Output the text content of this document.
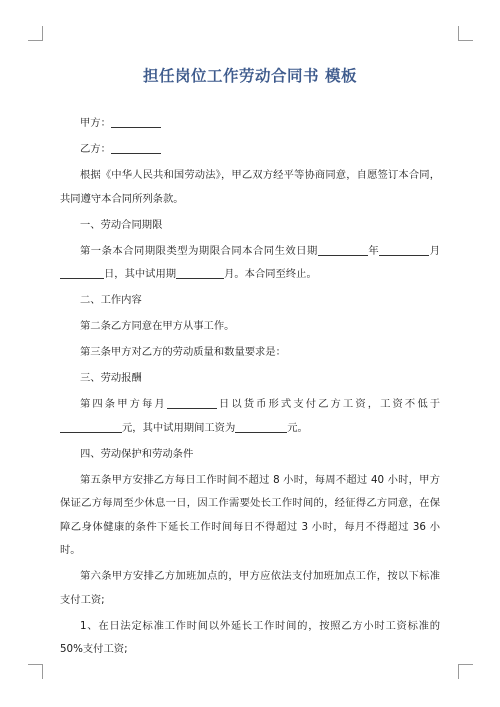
担任岗位工作劳动合同书 模板

甲方：

乙方：

根据《中华人民共和国劳动法》，甲乙双方经平等协商同意，自愿签订本合同，共同遵守本合同所列条款。

一、劳动合同期限

第一条本合同期限类型为期限合同本合同生效日期	年	月日，其中试用期	月。本合同至终止。

二、工作内容

第二条乙方同意在甲方从事工作。

第三条甲方对乙方的劳动质量和数量要求是：

三、劳动报酬

第四条甲方每月	日以货币形式支付乙方工资，工资不低于元，其中试用期间工资为	元。

四、劳动保护和劳动条件

第五条甲方安排乙方每日工作时间不超过 8 小时，每周不超过 40 小时，甲方保证乙方每周至少休息一日，因工作需要处长工作时间的，经征得乙方同意，在保障乙身体健康的条件下延长工作时间每日不得超过 3 小时，每月不得超过 36 小时。

第六条甲方安排乙方加班加点的，甲方应依法支付加班加点工作，按以下标准支付工资;

1、在日法定标准工作时间以外延长工作时间的，按照乙方小时工资标准的 50%支付工资;
